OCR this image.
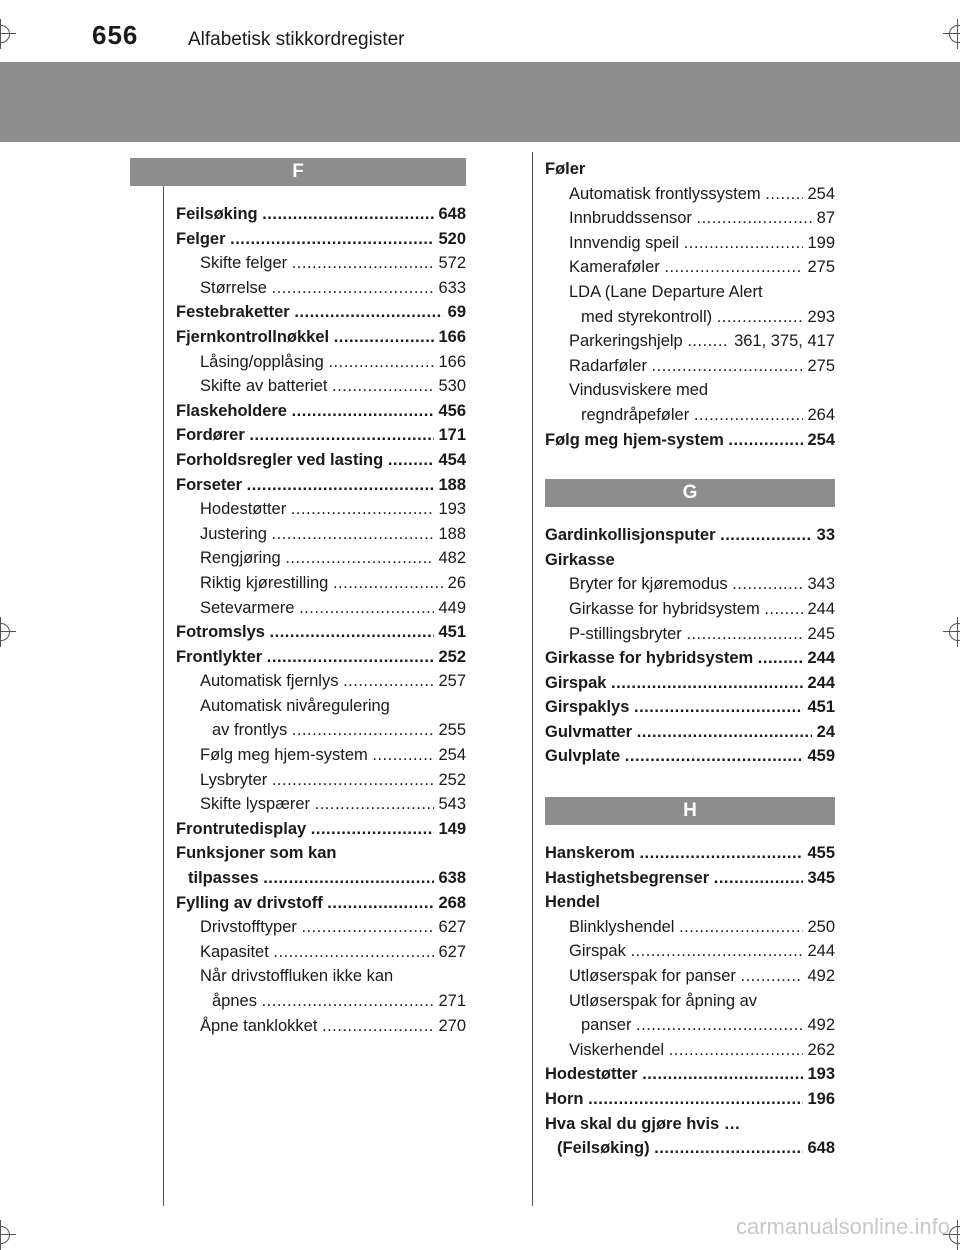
656	Alfabetisk stikkordregister
F
Feilsøking .....	648
Felger .....	520
Skifte felger .....	572
Størrelse .....	633
Festebraketter .....	69
Fjernkontrollnøkkel .....	166
Låsing/opplåsing .....	166
Skifte av batteriet .....	530
Flaskeholdere .....	456
Fordører .....	171
Forholdsregler ved lasting .....	454
Forseter .....	188
Hodestøtter .....	193
Justering .....	188
Rengjøring .....	482
Riktig kjørestilling .....	26
Setevarmere .....	449
Fotromslys .....	451
Frontlykter .....	252
Automatisk fjernlys .....	257
Automatisk nivåregulering
av frontlys .....	255
Følg meg hjem-system .....	254
Lysbryter .....	252
Skifte lyspærer .....	543
Frontrutedisplay .....	149
Funksjoner som kan
tilpasses .....	638
Fylling av drivstoff .....	268
Drivstofftyper .....	627
Kapasitet .....	627
Når drivstoffluken ikke kan
åpnes .....	271
Åpne tanklokket .....	270
Føler
Automatisk frontlyssystem .....	254
Innbruddssensor .....	87
Innvendig speil .....	199
Kameraføler .....	275
LDA (Lane Departure Alert
med styrekontroll) .....	293
Parkeringshjelp .....	361, 375, 417
Radarføler .....	275
Vindusviskere med
regndråpeføler .....	264
Følg meg hjem-system .....	254
G
Gardinkollisjonsputer .....	33
Girkasse
Bryter for kjøremodus .....	343
Girkasse for hybridsystem .....	244
P-stillingsbryter .....	245
Girkasse for hybridsystem .....	244
Girspak .....	244
Girspaklys .....	451
Gulvmatter .....	24
Gulvplate .....	459
H
Hanskerom .....	455
Hastighetsbegrenser .....	345
Hendel
Blinklyshendel .....	250
Girspak .....	244
Utløserspak for panser .....	492
Utløserspak for åpning av
panser .....	492
Viskerhendel .....	262
Hodestøtter .....	193
Horn .....	196
Hva skal du gjøre hvis …
(Feilsøking) .....	648
carmanualsonline.info
